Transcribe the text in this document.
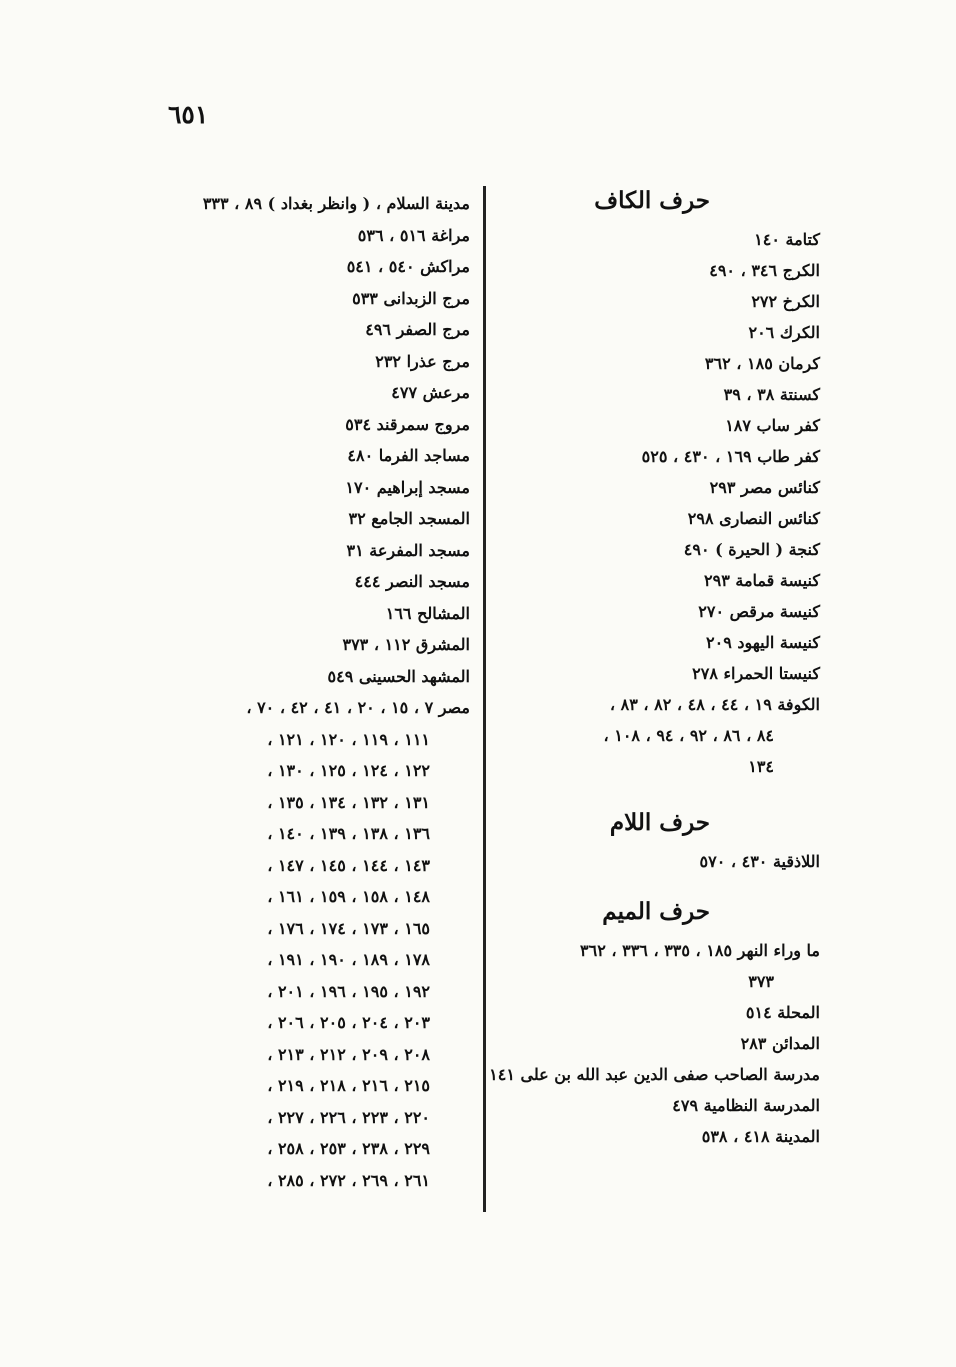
٦٥١
حرف الكاف
كتامة ١٤٠
الكرج ٣٤٦ ، ٤٩٠
الكرخ ٢٧٢
الكرك ٢٠٦
كرمان ١٨٥ ، ٣٦٢
كسنتة ٣٨ ، ٣٩
كفر ساب ١٨٧
كفر طاب ١٦٩ ، ٤٣٠ ، ٥٢٥
كنائس مصر ٢٩٣
كنائس النصارى ٢٩٨
كنجة ( الحيرة ) ٤٩٠
كنيسة قمامة ٢٩٣
كنيسة مرقص ٢٧٠
كنيسة اليهود ٢٠٩
كنيستا الحمراء ٢٧٨
الكوفة ١٩ ، ٤٤ ، ٤٨ ، ٨٢ ، ٨٣ ،
٨٤ ، ٨٦ ، ٩٢ ، ٩٤ ، ١٠٨ ،
١٣٤
حرف اللام
اللاذقية ٤٣٠ ، ٥٧٠
حرف الميم
ما وراء النهر ١٨٥ ، ٣٣٥ ، ٣٣٦ ، ٣٦٢
٣٧٣
المحلة ٥١٤
المدائن ٢٨٣
مدرسة الصاحب صفى الدين عبد الله بن على ١٤١
المدرسة النظامية ٤٧٩
المدينة ٤١٨ ، ٥٣٨
مدينة السلام ، ( وانظر بغداد ) ٨٩ ، ٣٣٣
مراغة ٥١٦ ، ٥٣٦
مراكش ٥٤٠ ، ٥٤١
مرج الزبدانى ٥٣٣
مرج الصفر ٤٩٦
مرج عذرا ٢٣٢
مرعش ٤٧٧
مروج سمرقند ٥٣٤
مساجد الفرما ٤٨٠
مسجد إبراهيم ١٧٠
المسجد الجامع ٣٢
مسجد المفرعة ٣١
مسجد النصر ٤٤٤
المشالح ١٦٦
المشرق ١١٢ ، ٣٧٣
المشهد الحسينى ٥٤٩
مصر ٧ ، ١٥ ، ٢٠ ، ٤١ ، ٤٢ ، ٧٠ ،
١١١ ، ١١٩ ، ١٢٠ ، ١٢١ ،
١٢٢ ، ١٢٤ ، ١٢٥ ، ١٣٠ ،
١٣١ ، ١٣٢ ، ١٣٤ ، ١٣٥ ،
١٣٦ ، ١٣٨ ، ١٣٩ ، ١٤٠ ،
١٤٣ ، ١٤٤ ، ١٤٥ ، ١٤٧ ،
١٤٨ ، ١٥٨ ، ١٥٩ ، ١٦١ ،
١٦٥ ، ١٧٣ ، ١٧٤ ، ١٧٦ ،
١٧٨ ، ١٨٩ ، ١٩٠ ، ١٩١ ،
١٩٢ ، ١٩٥ ، ١٩٦ ، ٢٠١ ،
٢٠٣ ، ٢٠٤ ، ٢٠٥ ، ٢٠٦ ،
٢٠٨ ، ٢٠٩ ، ٢١٢ ، ٢١٣ ،
٢١٥ ، ٢١٦ ، ٢١٨ ، ٢١٩ ،
٢٢٠ ، ٢٢٣ ، ٢٢٦ ، ٢٢٧ ،
٢٢٩ ، ٢٣٨ ، ٢٥٣ ، ٢٥٨ ،
٢٦١ ، ٢٦٩ ، ٢٧٢ ، ٢٨٥ ،
